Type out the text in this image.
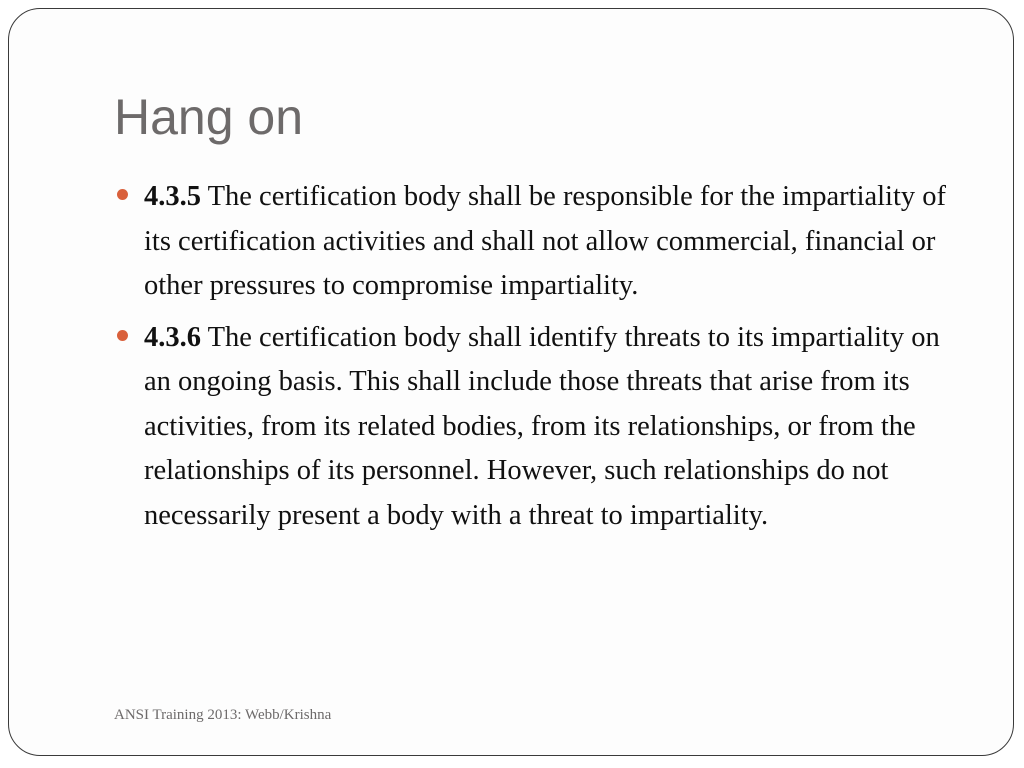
Hang on
4.3.5 The certification body shall be responsible for the impartiality of its certification activities and shall not allow commercial, financial or other pressures to compromise impartiality.
4.3.6 The certification body shall identify threats to its impartiality on an ongoing basis. This shall include those threats that arise from its activities, from its related bodies, from its relationships, or from the relationships of its personnel. However, such relationships do not necessarily present a body with a threat to impartiality.
ANSI Training 2013: Webb/Krishna
